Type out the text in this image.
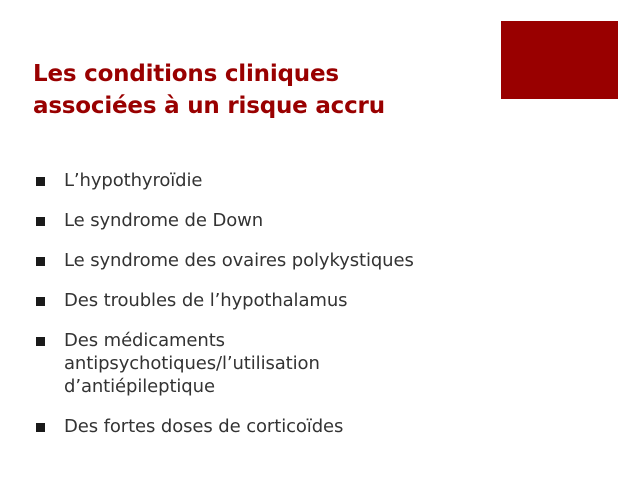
Les conditions cliniques
associées à un risque accru
L’hypothyroïdie
Le syndrome de Down
Le syndrome des ovaires polykystiques
Des troubles de l’hypothalamus
Des médicaments antipsychotiques/l’utilisation d’antiépileptique
Des fortes doses de corticoïdes
